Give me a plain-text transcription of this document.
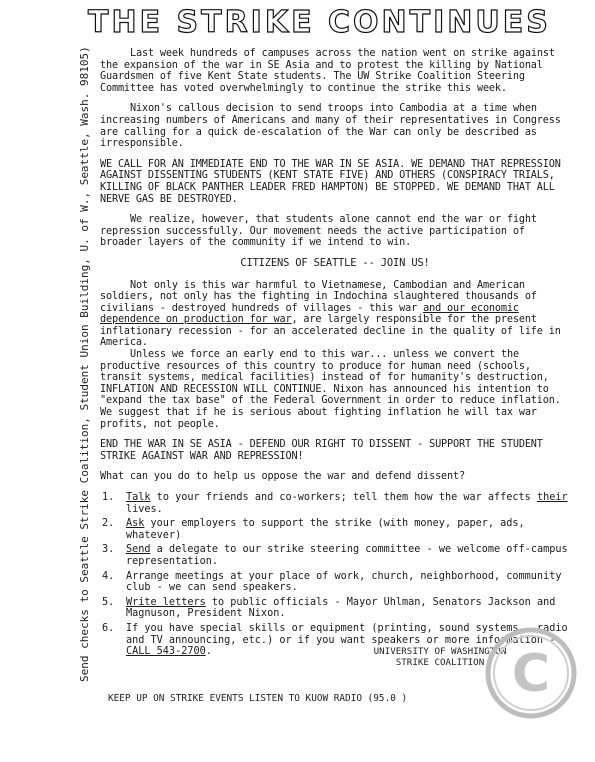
THE STRIKE CONTINUES
Send checks to Seattle Strike Coalition, Student Union Building, U. of W., Seattle, Wash. 98105)	Last week hundreds of campuses across the nation went on strike against the expansion of the war in SE Asia and to protest the killing by National Guardsmen of five Kent State students. The UW Strike Coalition Steering Committee has voted overwhelmingly to continue the strike this week.

Nixon's callous decision to send troops into Cambodia at a time when increasing numbers of Americans and many of their representatives in Congress are calling for a quick de-escalation of the War can only be described as irresponsible.

WE CALL FOR AN IMMEDIATE END TO THE WAR IN SE ASIA. WE DEMAND THAT REPRESSION AGAINST DISSENTING STUDENTS (KENT STATE FIVE) AND OTHERS (CONSPIRACY TRIALS, KILLING OF BLACK PANTHER LEADER FRED HAMPTON) BE STOPPED. WE DEMAND THAT ALL NERVE GAS BE DESTROYED.

We realize, however, that students alone cannot end the war or fight repression successfully. Our movement needs the active participation of broader layers of the community if we intend to win.

CITIZENS OF SEATTLE -- JOIN US!

Not only is this war harmful to Vietnamese, Cambodian and American soldiers, not only has the fighting in Indochina slaughtered thousands of civilians - destroyed hundreds of villages - this war and our economic dependence on production for war, are largely responsible for the present inflationary recession - for an accelerated decline in the quality of life in America.

Unless we force an early end to this war... unless we convert the productive resources of this country to produce for human need (schools, transit systems, medical facilities) instead of for humanity's destruction, INFLATION AND RECESSION WILL CONTINUE. Nixon has announced his intention to "expand the tax base" of the Federal Government in order to reduce inflation. We suggest that if he is serious about fighting inflation he will tax war profits, not people.

END THE WAR IN SE ASIA - DEFEND OUR RIGHT TO DISSENT - SUPPORT THE STUDENT STRIKE AGAINST WAR AND REPRESSION!

What can you do to help us oppose the war and defend dissent?

1. Talk to your friends and co-workers; tell them how the war affects their lives.
2. Ask your employers to support the strike (with money, paper, ads, whatever)
3. Send a delegate to our strike steering committee - we welcome off-campus representation.
4. Arrange meetings at your place of work, church, neighborhood, community club - we can send speakers.
5. Write letters to public officials - Mayor Uhlman, Senators Jackson and Magnuson, President Nixon.
6. If you have special skills or equipment (printing, sound systems , radio and TV announcing, etc.) or if you want speakers or more information -: CALL 543-2700.	UNIVERSITY OF WASHINGTON
STRIKE COALITION
KEEP UP ON STRIKE EVENTS LISTEN TO KUOW RADIO (95.0 )	C
